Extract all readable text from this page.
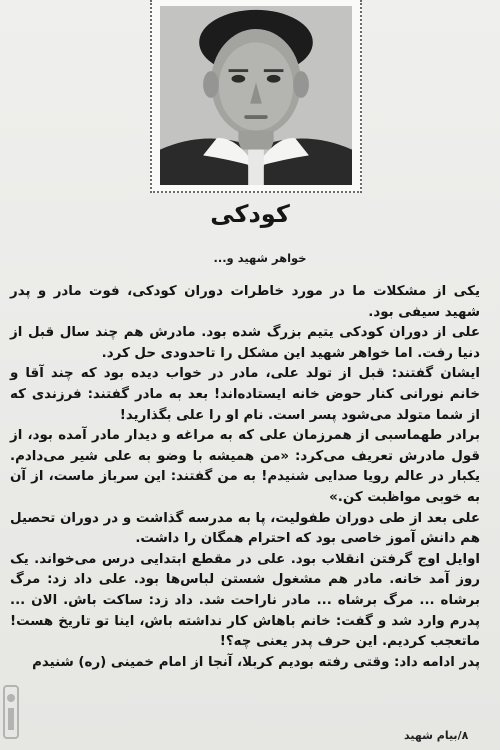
کودکی
خواهر شهید و...

یکی از مشکلات ما در مورد خاطرات دوران کودکی، فوت مادر و پدر شهید سیفی بود.

علی از دوران کودکی یتیم بزرگ شده بود. مادرش هم چند سال قبل از دنیا رفت. اما خواهر شهید این مشکل را تاحدودی حل کرد.

ایشان گفتند: قبل از تولد علی، مادر در خواب دیده بود که چند آقا و خانم نورانی کنار حوض خانه ایستاده‌اند! بعد به مادر گفتند: فرزندی که از شما متولد می‌شود پسر است. نام او را علی بگذارید!

برادر طهماسبی از همرزمان علی که به مراغه و دیدار مادر آمده بود، از قول مادرش تعریف می‌کرد: «من همیشه با وضو به علی شیر می‌دادم. یکبار در عالم رویا صدایی شنیدم! به من گفتند: این سرباز ماست، از آن به خوبی مواظبت کن.»

علی بعد از طی دوران طفولیت، پا به مدرسه گذاشت و در دوران تحصیل هم دانش آموز خاصی بود که احترام همگان را داشت.

اوایل اوج گرفتن انقلاب بود. علی در مقطع ابتدایی درس می‌خواند. یک روز آمد خانه. مادر هم مشغول شستن لباس‌ها بود. علی داد زد: مرگ برشاه ... مرگ برشاه ... مادر ناراحت شد. داد زد: ساکت باش. الان ... پدرم وارد شد و گفت: خانم باهاش کار نداشته باش، اینا تو تاریخ هست! ماتعجب کردیم. این حرف پدر یعنی چه؟!

پدر ادامه داد: وقتی رفته بودیم کربلا، آنجا از امام خمینی (ره) شنیدم

۸/بیام شهید
